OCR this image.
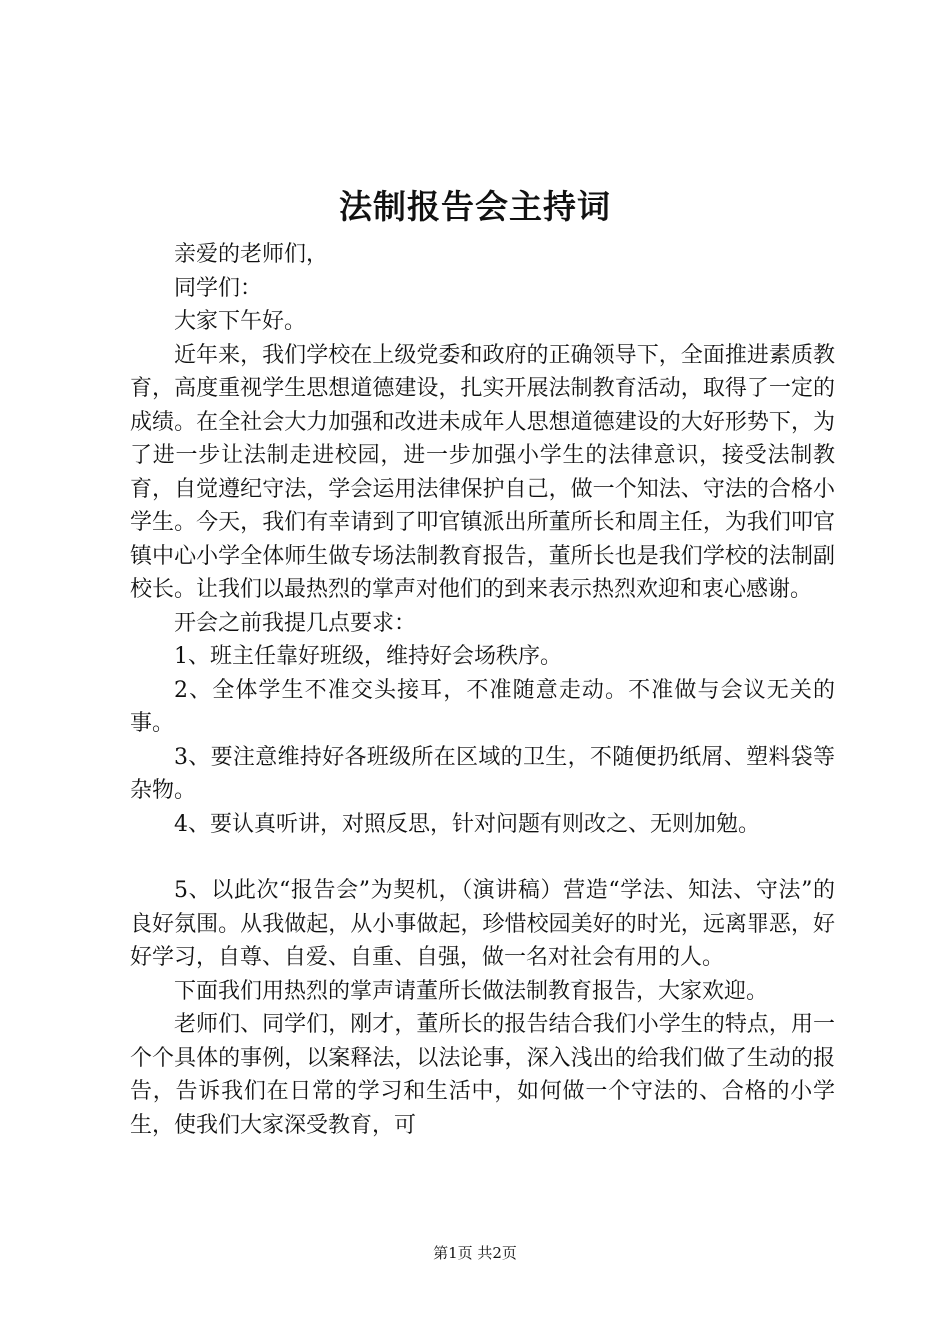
法制报告会主持词

亲爱的老师们，

同学们：

大家下午好。

近年来，我们学校在上级党委和政府的正确领导下，全面推进素质教育，高度重视学生思想道德建设，扎实开展法制教育活动，取得了一定的成绩。在全社会大力加强和改进未成年人思想道德建设的大好形势下，为了进一步让法制走进校园，进一步加强小学生的法律意识，接受法制教育，自觉遵纪守法，学会运用法律保护自己，做一个知法、守法的合格小学生。今天，我们有幸请到了叩官镇派出所董所长和周主任，为我们叩官镇中心小学全体师生做专场法制教育报告，董所长也是我们学校的法制副校长。让我们以最热烈的掌声对他们的到来表示热烈欢迎和衷心感谢。

开会之前我提几点要求：

1、班主任靠好班级，维持好会场秩序。

2、全体学生不准交头接耳，不准随意走动。不准做与会议无关的事。

3、要注意维持好各班级所在区域的卫生，不随便扔纸屑、塑料袋等杂物。

4、要认真听讲，对照反思，针对问题有则改之、无则加勉。

5、以此次“报告会”为契机，（演讲稿）营造“学法、知法、守法”的良好氛围。从我做起，从小事做起，珍惜校园美好的时光，远离罪恶，好好学习，自尊、自爱、自重、自强，做一名对社会有用的人。

下面我们用热烈的掌声请董所长做法制教育报告，大家欢迎。

老师们、同学们，刚才，董所长的报告结合我们小学生的特点，用一个个具体的事例，以案释法，以法论事，深入浅出的给我们做了生动的报告，告诉我们在日常的学习和生活中，如何做一个守法的、合格的小学生，使我们大家深受教育，可

第1页 共2页
